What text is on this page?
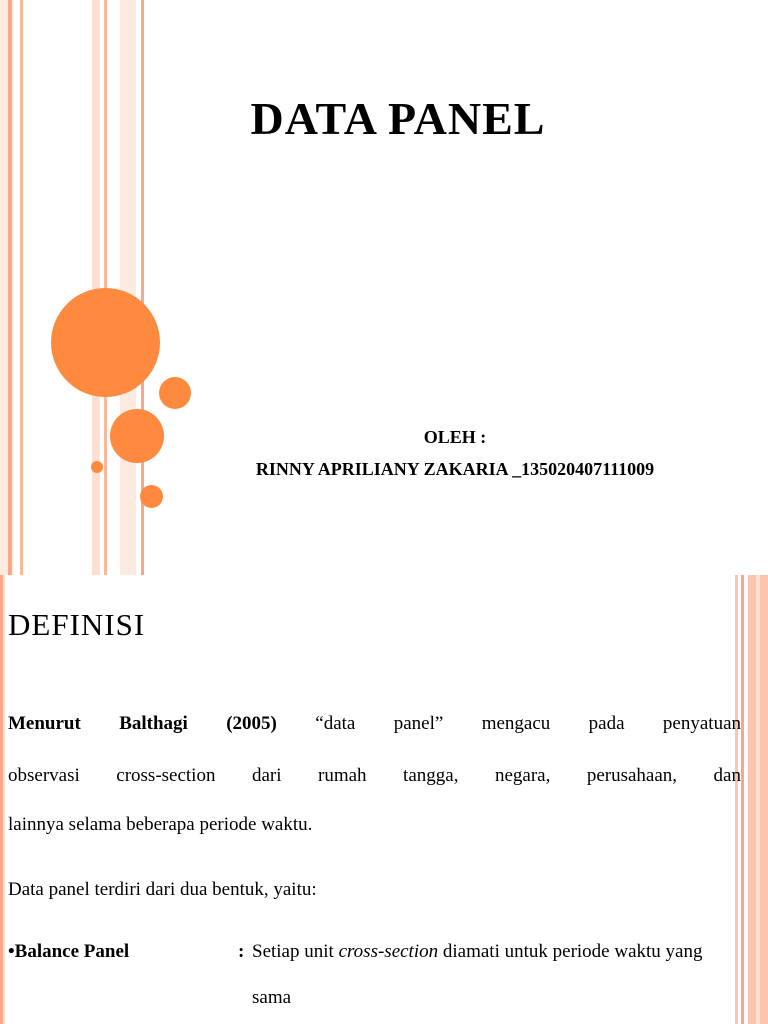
DATA PANEL

OLEH :

RINNY APRILIANY ZAKARIA _135020407111009

DEFINISI

Menurut Balthagi (2005) “data panel” mengacu pada penyatuan

observasi cross-section dari rumah tangga, negara, perusahaan, dan

lainnya selama beberapa periode waktu.

Data panel terdiri dari dua bentuk, yaitu:

•Balance Panel	: Setiap unit cross-section diamati untuk periode waktu yang

sama
